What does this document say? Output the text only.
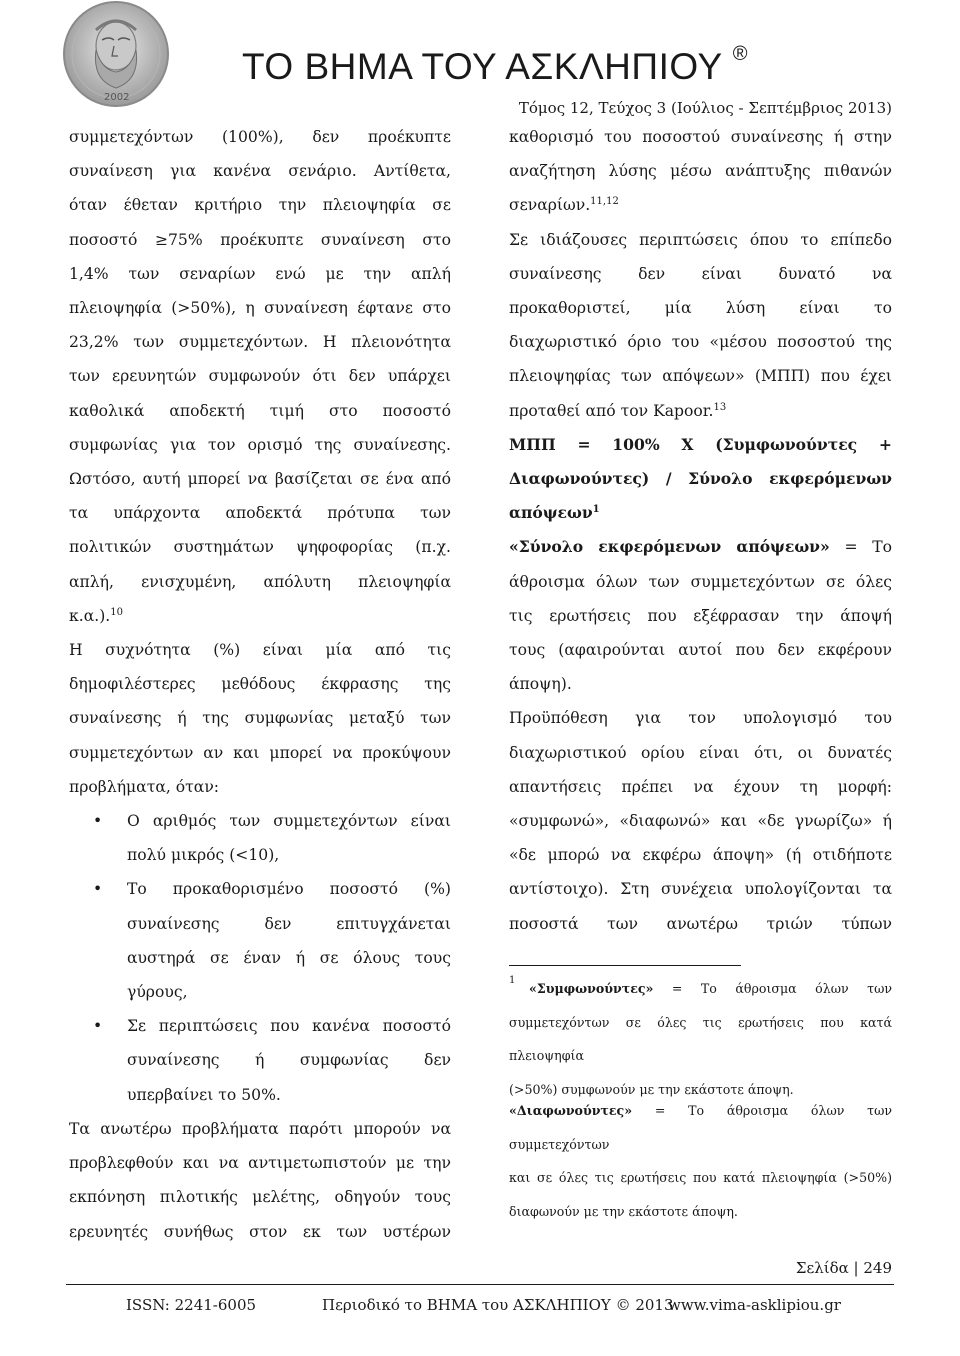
2002
ΤΟ ΒΗΜΑ ΤΟΥ ΑΣΚΛΗΠΙΟΥ ®
Τόμος 12, Τεύχος 3 (Ιούλιος - Σεπτέμβριος 2013)

συμμετεχόντων (100%), δεν προέκυπτε
συναίνεση για κανένα σενάριο. Αντίθετα,
όταν έθεταν κριτήριο την πλειοψηφία σε
ποσοστό ≥75% προέκυπτε συναίνεση στο
1,4% των σεναρίων ενώ με την απλή
πλειοψηφία (>50%), η συναίνεση έφτανε στο
23,2% των συμμετεχόντων. Η πλειονότητα
των ερευνητών συμφωνούν ότι δεν υπάρχει
καθολικά αποδεκτή τιμή στο ποσοστό
συμφωνίας για τον ορισμό της συναίνεσης.
Ωστόσο, αυτή μπορεί να βασίζεται σε ένα από
τα υπάρχοντα αποδεκτά πρότυπα των
πολιτικών συστημάτων ψηφοφορίας (π.χ.
απλή, ενισχυμένη, απόλυτη πλειοψηφία
κ.α.).$^{10}$

Η συχνότητα (%) είναι μία από τις
δημοφιλέστερες μεθόδους έκφρασης της
συναίνεσης ή της συμφωνίας μεταξύ των
συμμετεχόντων αν και μπορεί να προκύψουν
προβλήματα, όταν:

• Ο αριθμός των συμμετεχόντων είναι
πολύ μικρός (<10),
• Το προκαθορισμένο ποσοστό (%)
συναίνεσης δεν επιτυγχάνεται
αυστηρά σε έναν ή σε όλους τους
γύρους,
• Σε περιπτώσεις που κανένα ποσοστό
συναίνεσης ή συμφωνίας δεν
υπερβαίνει το 50%.

Τα ανωτέρω προβλήματα παρότι μπορούν να
προβλεφθούν και να αντιμετωπιστούν με την
εκπόνηση πιλοτικής μελέτης, οδηγούν τους
ερευνητές συνήθως στον εκ των υστέρων

καθορισμό του ποσοστού συναίνεσης ή στην
αναζήτηση λύσης μέσω ανάπτυξης πιθανών
σεναρίων.$^{11,12}$

Σε ιδιάζουσες περιπτώσεις όπου το επίπεδο
συναίνεσης δεν είναι δυνατό να
προκαθοριστεί, μία λύση είναι το
διαχωριστικό όριο του «μέσου ποσοστού της
πλειοψηφίας των απόψεων» (ΜΠΠ) που έχει
προταθεί από τον Kapoor.$^{13}$

ΜΠΠ = 100% Χ (Συμφωνούντες +
Διαφωνούντες) / Σύνολο εκφερόμενων
απόψεων$^1$

«Σύνολο εκφερόμενων απόψεων» = Το
άθροισμα όλων των συμμετεχόντων σε όλες
τις ερωτήσεις που εξέφρασαν την άποψή
τους (αφαιρούνται αυτοί που δεν εκφέρουν
άποψη).

Προϋπόθεση για τον υπολογισμό του
διαχωριστικού ορίου είναι ότι, οι δυνατές
απαντήσεις πρέπει να έχουν τη μορφή:
«συμφωνώ», «διαφωνώ» και «δε γνωρίζω» ή
«δε μπορώ να εκφέρω άποψη» (ή οτιδήποτε
αντίστοιχο). Στη συνέχεια υπολογίζονται τα
ποσοστά των ανωτέρω τριών τύπων

1
«Συμφωνούντες» = Το άθροισμα όλων των
συμμετεχόντων σε όλες τις ερωτήσεις που κατά πλειοψηφία
(>50%) συμφωνούν με την εκάστοτε άποψη.
«Διαφωνούντες» = Το άθροισμα όλων των συμμετεχόντων
και σε όλες τις ερωτήσεις που κατά πλειοψηφία (>50%)
διαφωνούν με την εκάστοτε άποψη.
Σελίδα | 249
ISSN: 2241-6005	Περιοδικό το ΒΗΜΑ του ΑΣΚΛΗΠΙΟΥ © 2013
www.vima-asklipiou.gr
